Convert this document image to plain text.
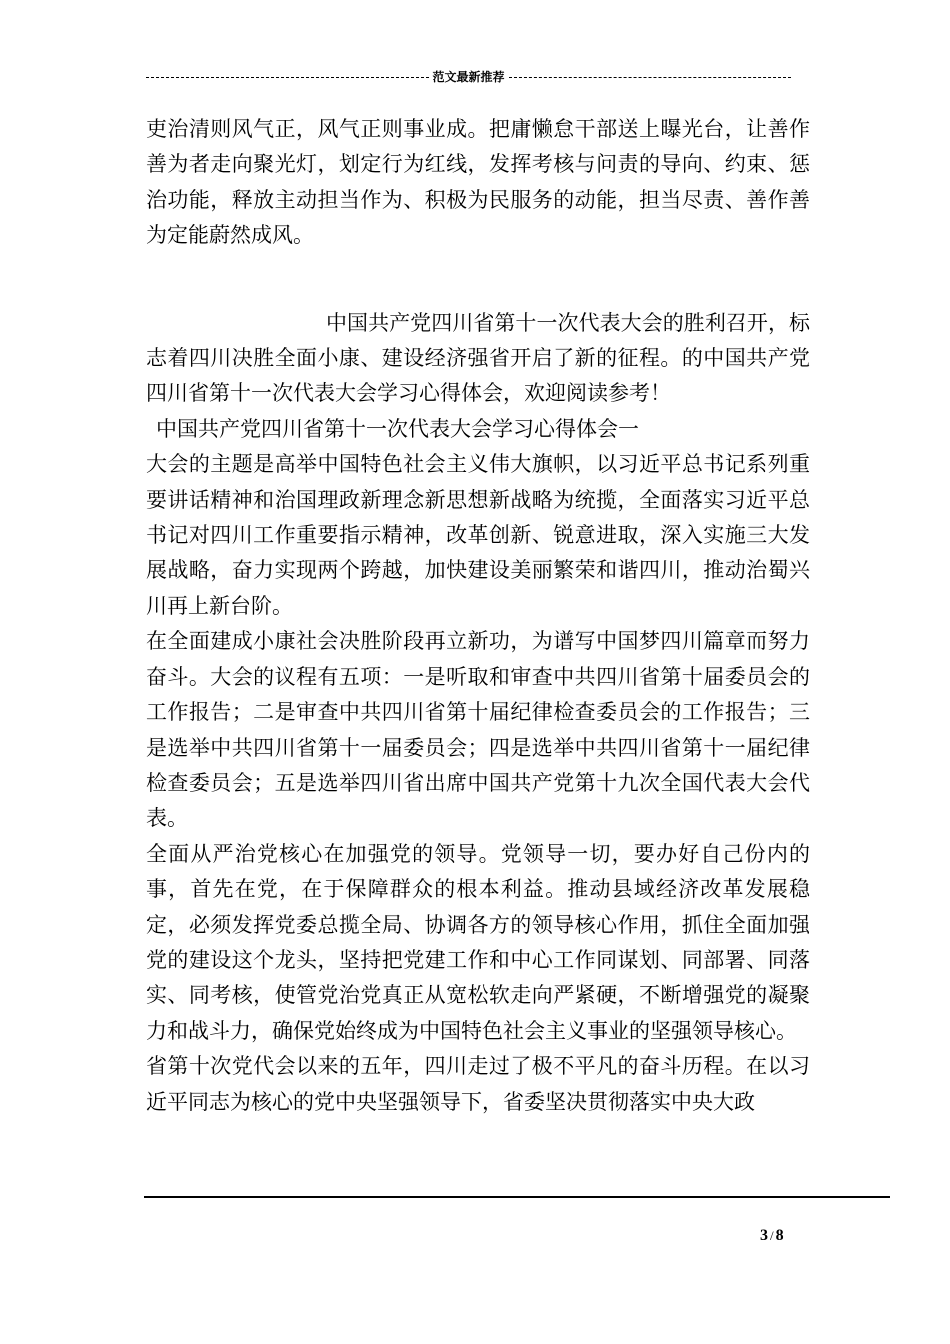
范文最新推荐

吏治清则风气正，风气正则事业成。把庸懒怠干部送上曝光台，让善作善为者走向聚光灯，划定行为红线，发挥考核与问责的导向、约束、惩治功能，释放主动担当作为、积极为民服务的动能，担当尽责、善作善为定能蔚然成风。

中国共产党四川省第十一次代表大会的胜利召开，标志着四川决胜全面小康、建设经济强省开启了新的征程。的中国共产党四川省第十一次代表大会学习心得体会，欢迎阅读参考！

中国共产党四川省第十一次代表大会学习心得体会一

大会的主题是高举中国特色社会主义伟大旗帜，以习近平总书记系列重要讲话精神和治国理政新理念新思想新战略为统揽，全面落实习近平总书记对四川工作重要指示精神，改革创新、锐意进取，深入实施三大发展战略，奋力实现两个跨越，加快建设美丽繁荣和谐四川，推动治蜀兴川再上新台阶。

在全面建成小康社会决胜阶段再立新功，为谱写中国梦四川篇章而努力奋斗。大会的议程有五项：一是听取和审查中共四川省第十届委员会的工作报告；二是审查中共四川省第十届纪律检查委员会的工作报告；三是选举中共四川省第十一届委员会；四是选举中共四川省第十一届纪律检查委员会；五是选举四川省出席中国共产党第十九次全国代表大会代表。

全面从严治党核心在加强党的领导。党领导一切，要办好自己份内的事，首先在党，在于保障群众的根本利益。推动县域经济改革发展稳定，必须发挥党委总揽全局、协调各方的领导核心作用，抓住全面加强党的建设这个龙头，坚持把党建工作和中心工作同谋划、同部署、同落实、同考核，使管党治党真正从宽松软走向严紧硬，不断增强党的凝聚力和战斗力，确保党始终成为中国特色社会主义事业的坚强领导核心。

省第十次党代会以来的五年，四川走过了极不平凡的奋斗历程。在以习近平同志为核心的党中央坚强领导下，省委坚决贯彻落实中央大政

3 / 8
